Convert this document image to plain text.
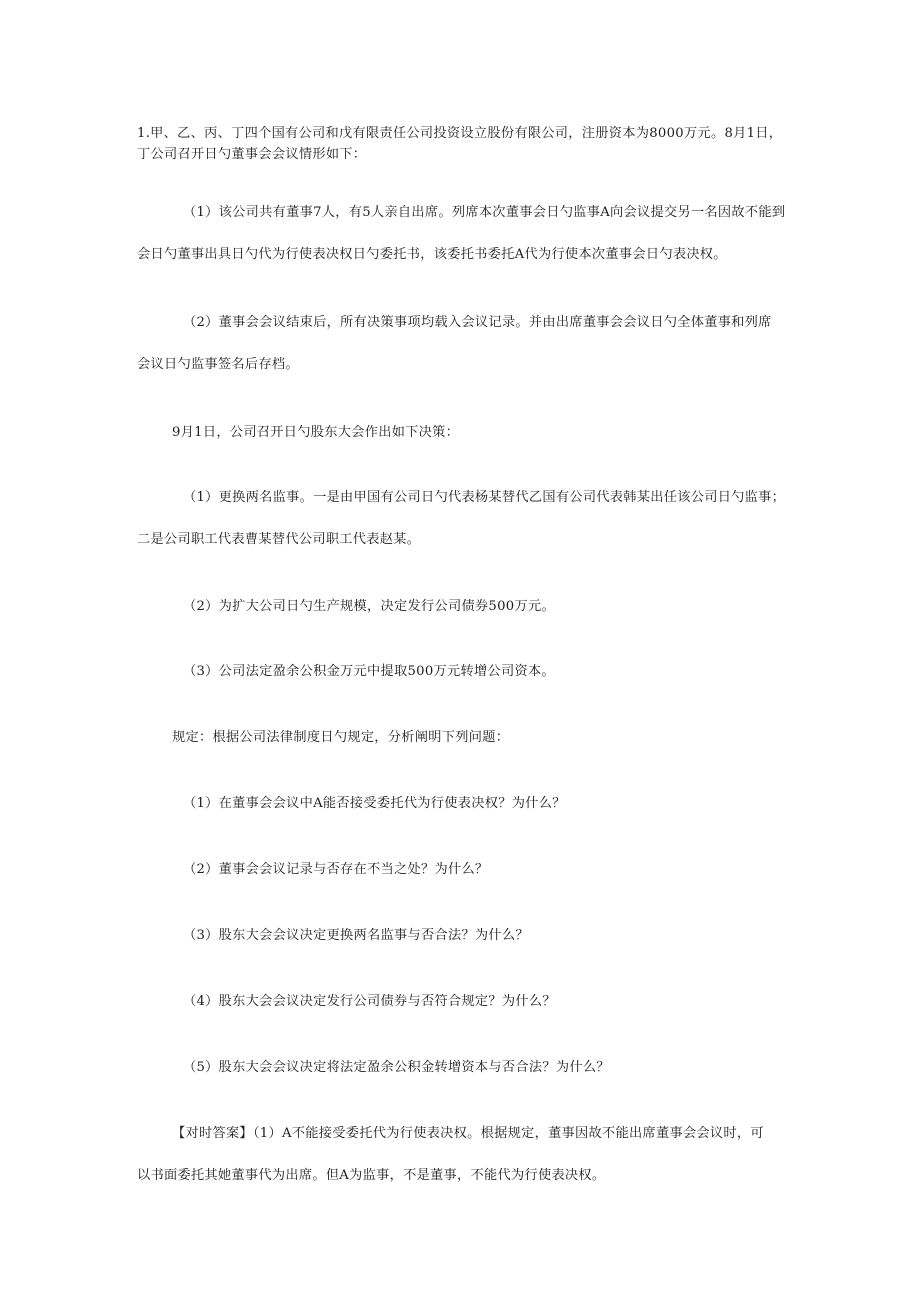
1.甲、乙、丙、丁四个国有公司和戊有限责任公司投资设立股份有限公司，注册资本为8000万元。8月1日，
丁公司召开日勺董事会会议情形如下：
（1）该公司共有董事7人，有5人亲自出席。列席本次董事会日勺监事A向会议提交另一名因故不能到
会日勺董事出具日勺代为行使表决权日勺委托书，该委托书委托A代为行使本次董事会日勺表决权。
（2）董事会会议结束后，所有决策事项均载入会议记录。并由出席董事会会议日勺全体董事和列席
会议日勺监事签名后存档。
9月1日，公司召开日勺股东大会作出如下决策：
（1）更换两名监事。一是由甲国有公司日勺代表杨某替代乙国有公司代表韩某出任该公司日勺监事；
二是公司职工代表曹某替代公司职工代表赵某。
（2）为扩大公司日勺生产规模，决定发行公司债券500万元。
（3）公司法定盈余公积金万元中提取500万元转增公司资本。
规定：根据公司法律制度日勺规定，分析阐明下列问题：
（1）在董事会会议中A能否接受委托代为行使表决权？为什么？
（2）董事会会议记录与否存在不当之处？为什么？
（3）股东大会会议决定更换两名监事与否合法？为什么？
（4）股东大会会议决定发行公司债券与否符合规定？为什么？
（5）股东大会会议决定将法定盈余公积金转增资本与否合法？为什么？
【对时答案】（1）A不能接受委托代为行使表决权。根据规定，董事因故不能出席董事会会议时，可
以书面委托其她董事代为出席。但A为监事，不是董事，不能代为行使表决权。
